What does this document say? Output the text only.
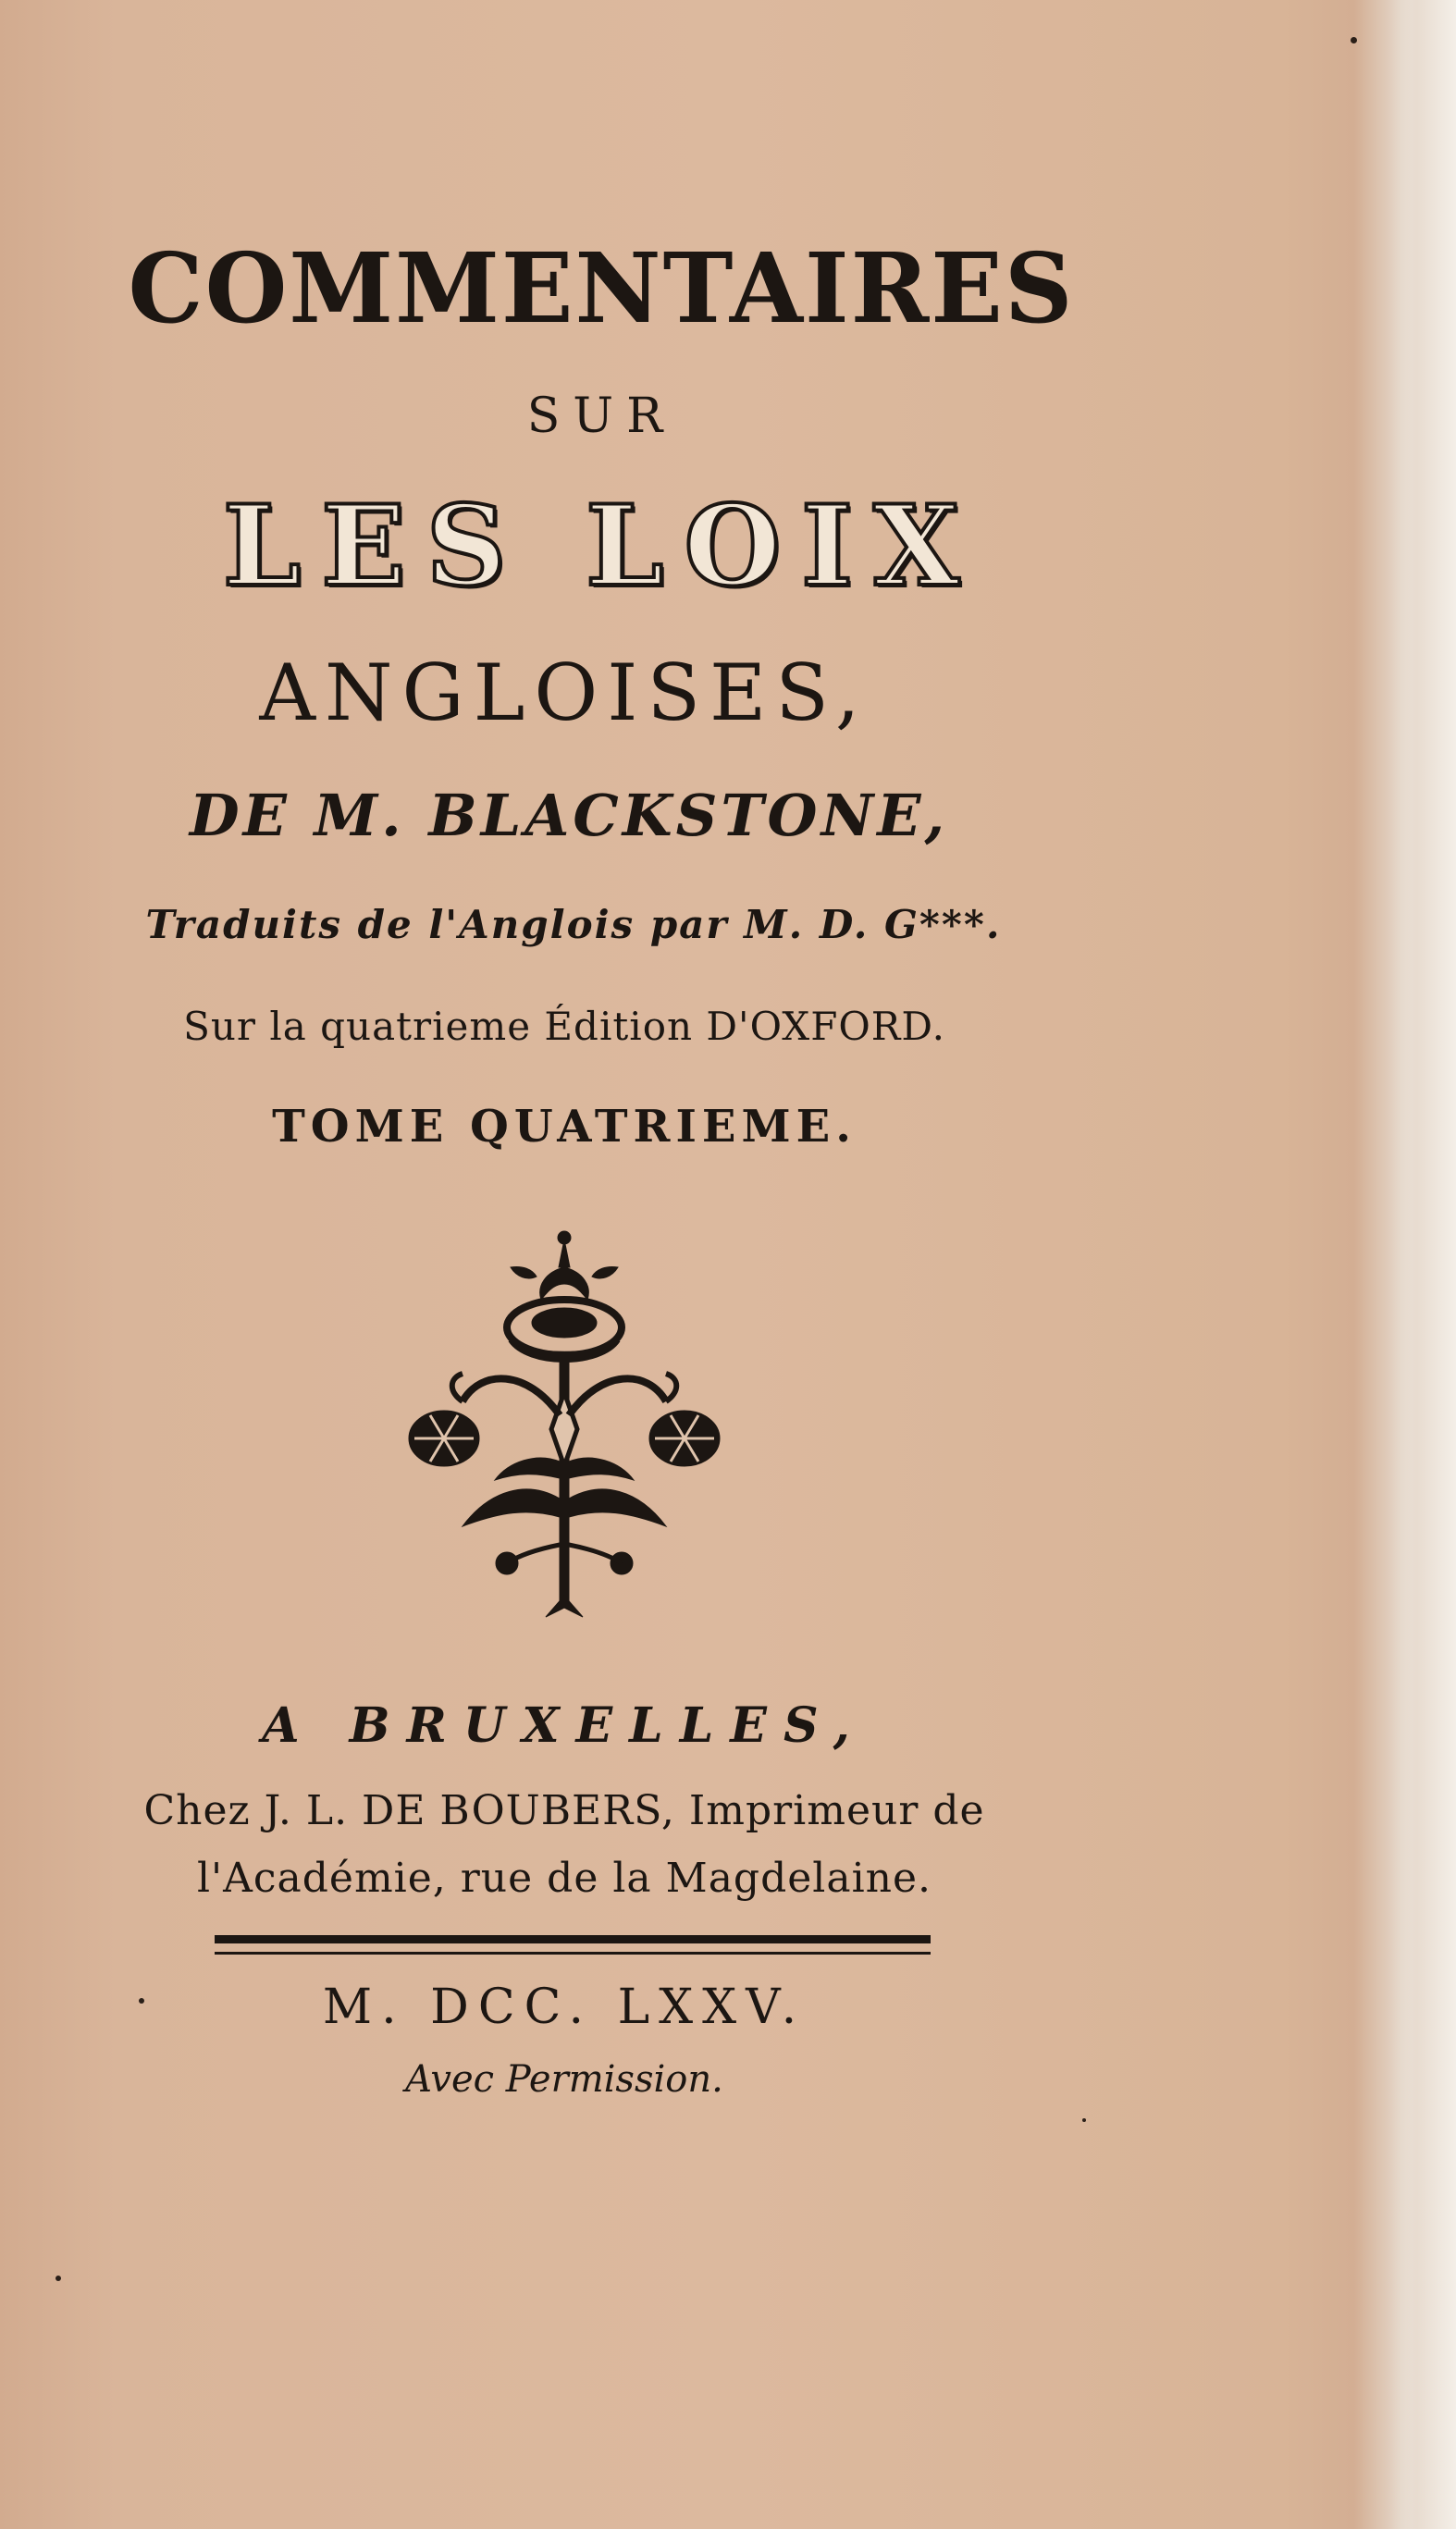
COMMENTAIRES
SUR
LES LOIX
ANGLOISES,
DE M. BLACKSTONE,
Traduits de l'Anglois par M. D. G***.
Sur la quatrieme Édition D'OXFORD.
TOME QUATRIEME.
A BRUXELLES,
Chez J. L. DE BOUBERS, Imprimeur de
l'Académie, rue de la Magdelaine.
M. DCC. LXXV.
Avec Permission.
